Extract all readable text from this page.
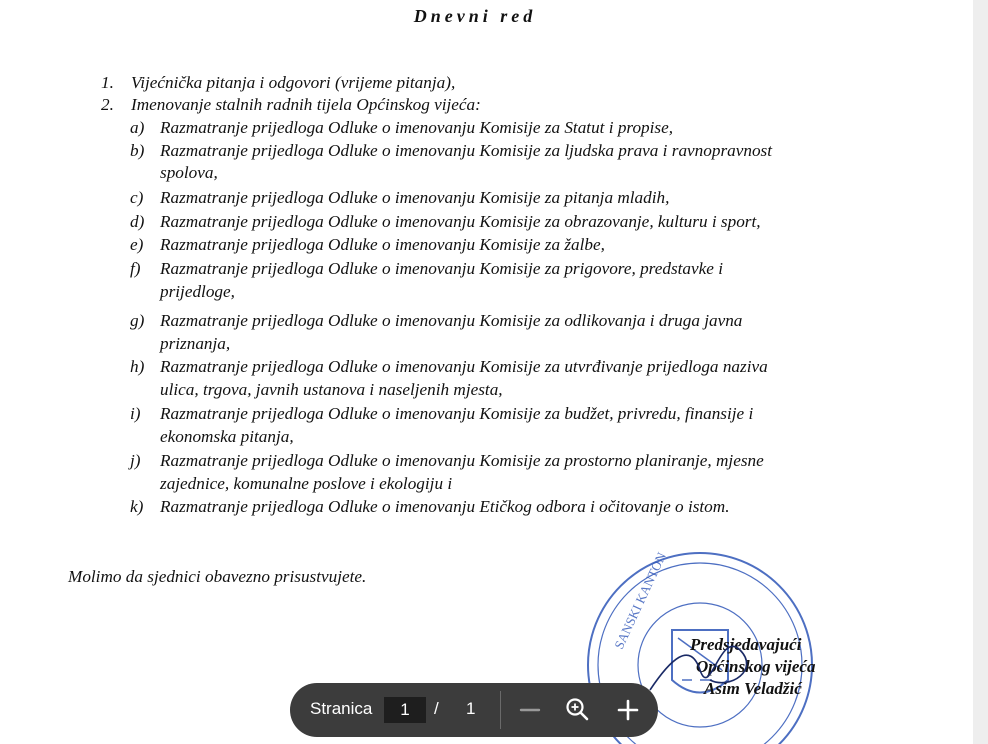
Dnevni red
1. Vijećnička pitanja i odgovori (vrijeme pitanja),
2. Imenovanje stalnih radnih tijela Općinskog vijeća:
a) Razmatranje prijedloga Odluke o imenovanju Komisije za Statut i propise,
b) Razmatranje prijedloga Odluke o imenovanju Komisije za ljudska prava i ravnopravnost
spolova,
c) Razmatranje prijedloga Odluke o imenovanju Komisije za pitanja mladih,
d) Razmatranje prijedloga Odluke o imenovanju Komisije za obrazovanje, kulturu i sport,
e) Razmatranje prijedloga Odluke o imenovanju Komisije za žalbe,
f) Razmatranje prijedloga Odluke o imenovanju Komisije za prigovore, predstavke i
prijedloge,
g) Razmatranje prijedloga Odluke o imenovanju Komisije za odlikovanja i druga javna
priznanja,
h) Razmatranje prijedloga Odluke o imenovanju Komisije za utvrđivanje prijedloga naziva
ulica, trgova, javnih ustanova i naseljenih mjesta,
i) Razmatranje prijedloga Odluke o imenovanju Komisije za budžet, privredu, finansije i
ekonomska pitanja,
j) Razmatranje prijedloga Odluke o imenovanju Komisije za prostorno planiranje, mjesne
zajednice, komunalne poslove i ekologiju i
k) Razmatranje prijedloga Odluke o imenovanju Etičkog odbora i očitovanje o istom.
Molimo da sjednici obavezno prisustvujete.	SANSKI KANTON Predsjedavajući
Općinskog vijeća
Asim Veladžić
Stranica	1	/ 1
